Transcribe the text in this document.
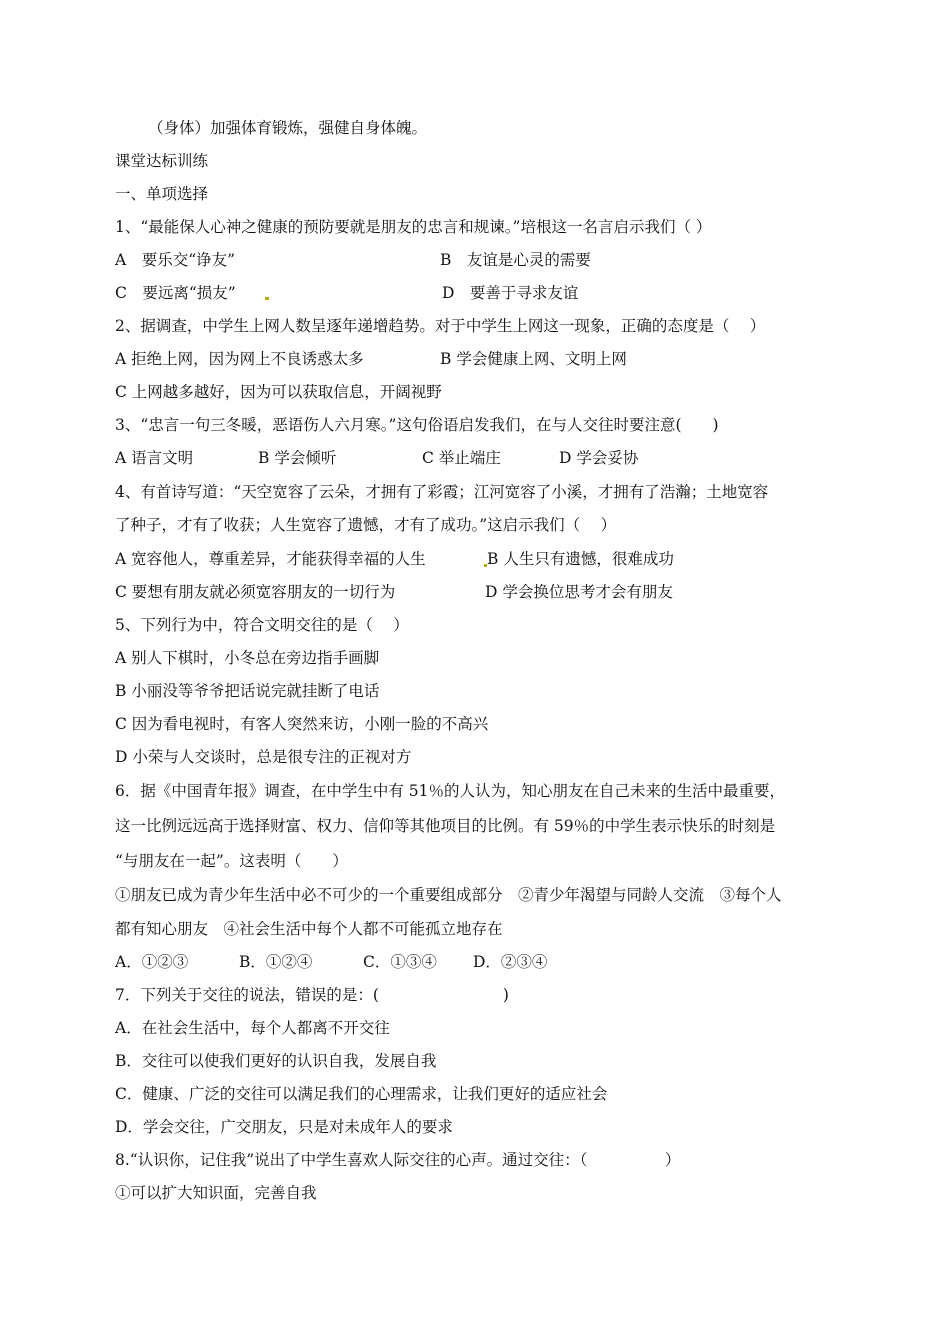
（身体）加强体育锻炼，强健自身体魄。
课堂达标训练
一、单项选择
1、“最能保人心神之健康的预防要就是朋友的忠言和规谏。”培根这一名言启示我们（ ）
A　要乐交“诤友”	B　友谊是心灵的需要
C　要远离“损友”	D　要善于寻求友谊
2、据调查，中学生上网人数呈逐年递增趋势。对于中学生上网这一现象，正确的态度是（　 ）
A 拒绝上网，因为网上不良诱惑太多	B 学会健康上网、文明上网
C 上网越多越好，因为可以获取信息，开阔视野
3、“忠言一句三冬暖，恶语伤人六月寒。”这句俗语启发我们，在与人交往时要注意(　　)
A 语言文明	B 学会倾听	C 举止端庄	D 学会妥协
4、有首诗写道：“天空宽容了云朵，才拥有了彩霞；江河宽容了小溪，才拥有了浩瀚；土地宽容
了种子，才有了收获；人生宽容了遗憾，才有了成功。”这启示我们（　 ）
A 宽容他人，尊重差异，才能获得幸福的人生	B 人生只有遗憾，很难成功
C 要想有朋友就必须宽容朋友的一切行为	D 学会换位思考才会有朋友
5、下列行为中，符合文明交往的是（　 ）
A 别人下棋时，小冬总在旁边指手画脚
B 小丽没等爷爷把话说完就挂断了电话
C 因为看电视时，有客人突然来访，小刚一脸的不高兴
D 小荣与人交谈时，总是很专注的正视对方
6．据《中国青年报》调查，在中学生中有 51％的人认为，知心朋友在自己未来的生活中最重要，
这一比例远远高于选择财富、权力、信仰等其他项目的比例。有 59％的中学生表示快乐的时刻是
“与朋友在一起”。这表明（　　）
①朋友已成为青少年生活中必不可少的一个重要组成部分　②青少年渴望与同龄人交流　③每个人
都有知心朋友　④社会生活中每个人都不可能孤立地存在
A．①②③	B．①②④	C．①③④ D．②③④
7．下列关于交往的说法，错误的是：(　　　　　　　　)
A．在社会生活中，每个人都离不开交往
B．交往可以使我们更好的认识自我，发展自我
C．健康、广泛的交往可以满足我们的心理需求，让我们更好的适应社会
D．学会交往，广交朋友，只是对未成年人的要求
8.“认识你，记住我”说出了中学生喜欢人际交往的心声。通过交往：（　　　　　）
①可以扩大知识面，完善自我
